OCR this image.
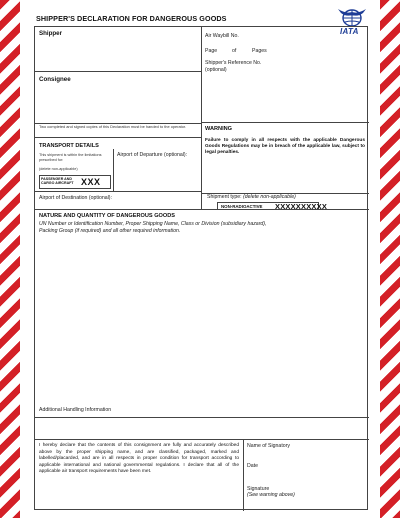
SHIPPER'S DECLARATION FOR DANGEROUS GOODS
IATA
Shipper	Air Waybill No.
Page	of	Pages
Shipper's Reference No.
(optional)
Consignee
Two completed and signed copies of this Declaration must be handed to the operator.	WARNING
Failure to comply in all respects with the applicable Dangerous Goods Regulations may be in breach of the applicable law, subject to legal penalties.
TRANSPORT DETAILS
This shipment is within the limitations prescribed for:
(delete non-applicable)
PASSENGER AND CARGO AIRCRAFT XXX
Airport of Departure (optional):
Airport of Destination (optional):	Shipment type: (delete non-applicable)
NON-RADIOACTIVE XXXXXXXXXX
NATURE AND QUANTITY OF DANGEROUS GOODS
UN Number or Identification Number, Proper Shipping Name, Class or Division (subsidiary hazard),
Packing Group (if required) and all other required information.
Additional Handling Information
I hereby declare that the contents of this consignment are fully and accurately described above by the proper shipping name, and are classified, packaged, marked and labelled/placarded, and are in all respects in proper condition for transport according to applicable international and national governmental regulations. I declare that all of the applicable air transport requirements have been met.
Name of Signatory
Date
Signature
(See warning above)
